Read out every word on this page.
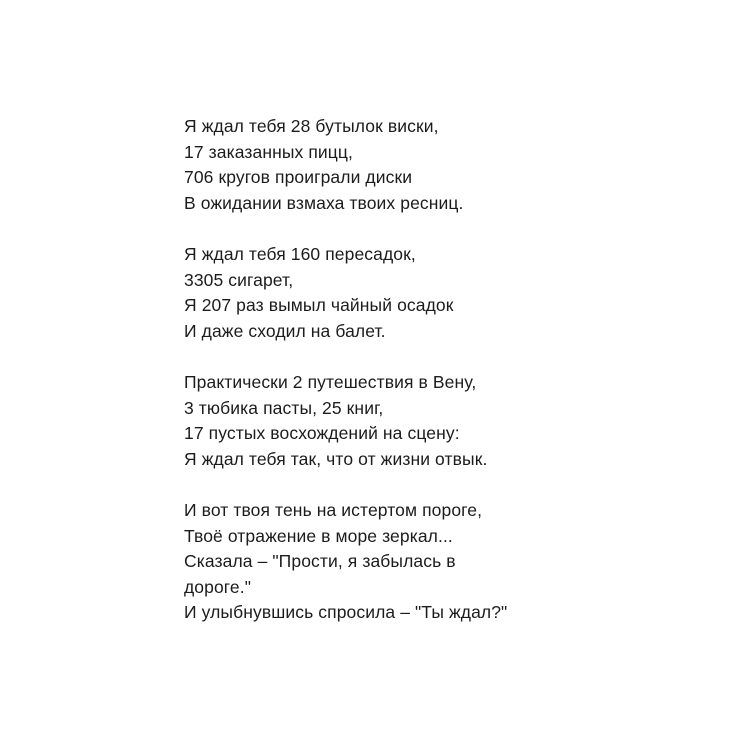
Я ждал тебя 28 бутылок виски,
17 заказанных пицц,
706 кругов проиграли диски
В ожидании взмаха твоих ресниц.
Я ждал тебя 160 пересадок,
3305 сигарет,
Я 207 раз вымыл чайный осадок
И даже сходил на балет.
Практически 2 путешествия в Вену,
3 тюбика пасты, 25 книг,
17 пустых восхождений на сцену:
Я ждал тебя так, что от жизни отвык.
И вот твоя тень на истертом пороге,
Твоё отражение в море зеркал...
Сказала – "Прости, я забылась в
дороге."
И улыбнувшись спросила – "Ты ждал?"
